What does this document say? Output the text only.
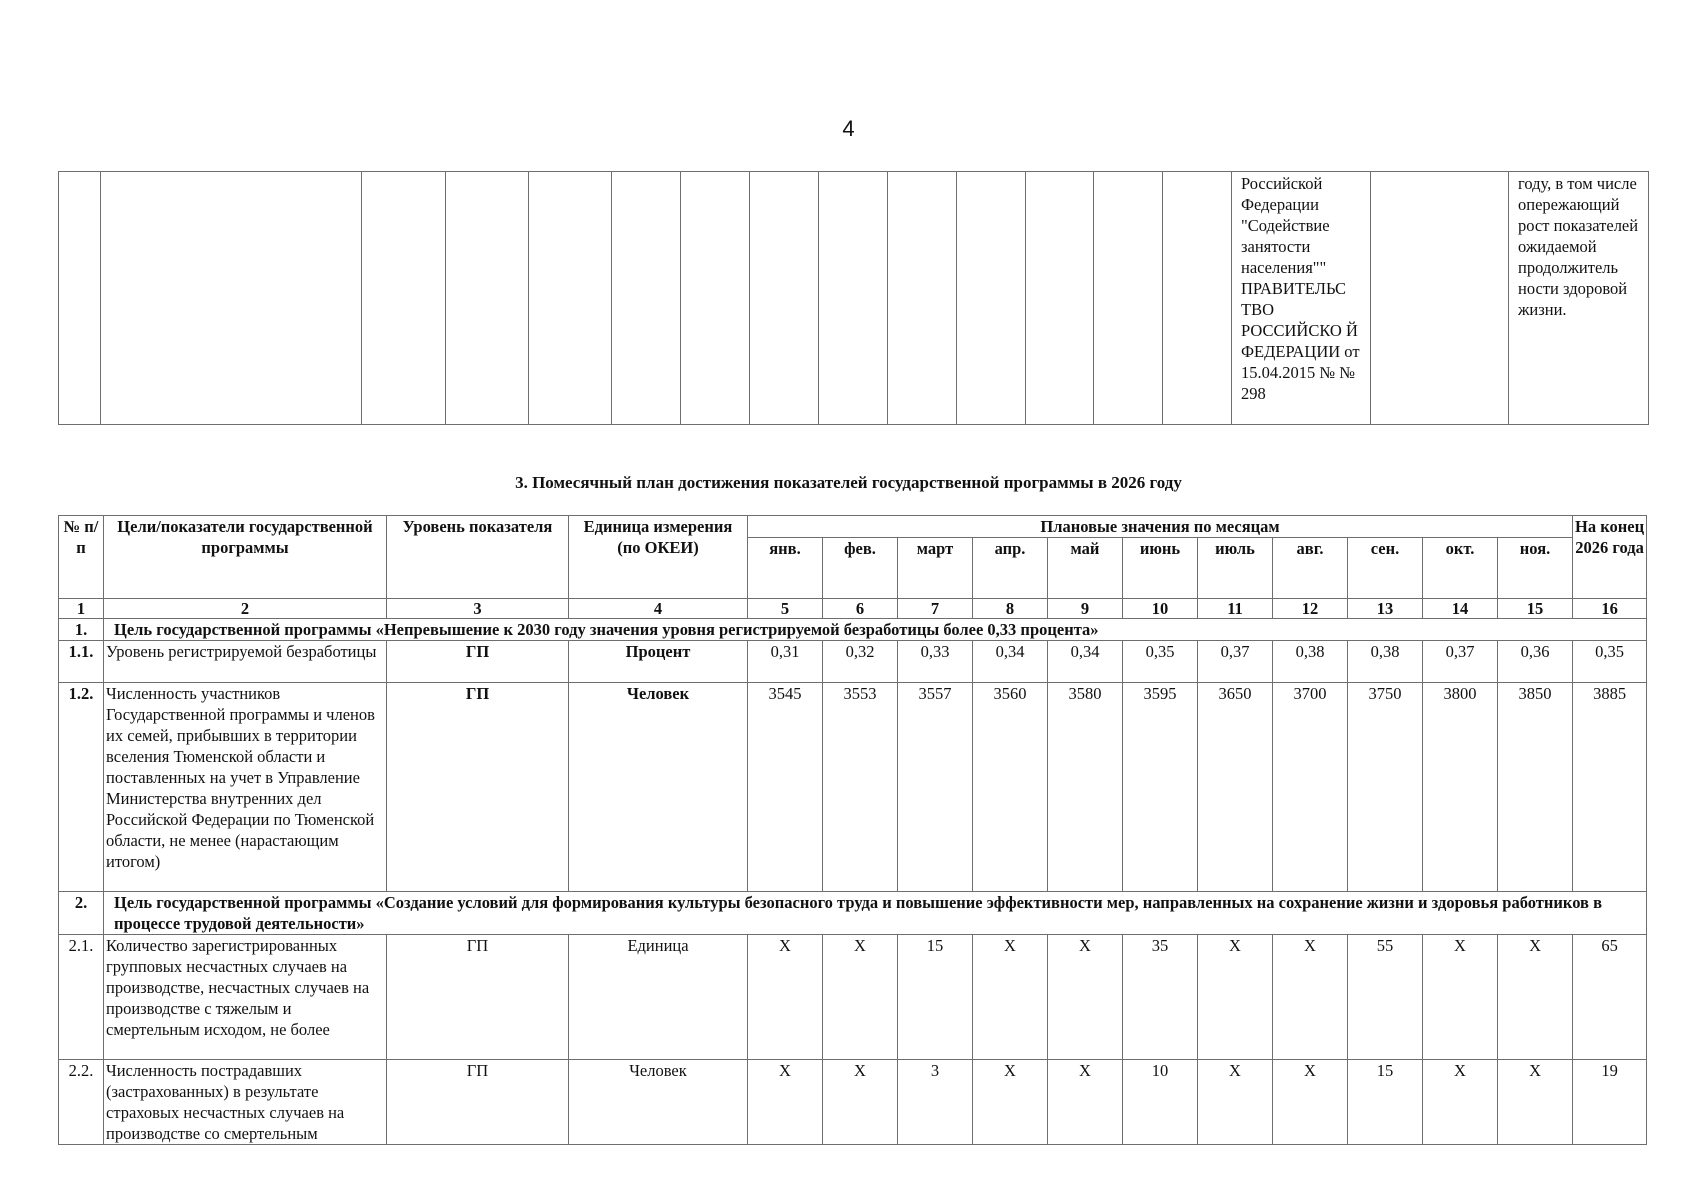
4
														Российской Федерации "Содействие занятости населения"" ПРАВИТЕЛЬС ТВО РОССИЙСКО Й ФЕДЕРАЦИИ от 15.04.2015 № № 298		году, в том числе опережающий рост показателей ожидаемой продолжитель ности здоровой жизни.
3. Помесячный план достижения показателей государственной программы в 2026 году
№ п/п	Цели/показатели государственной программы	Уровень показателя	Единица измерения (по ОКЕИ)	Плановые значения по месяцам											На конец 2026 года
				янв.	фев.	март	апр.	май	июнь	июль	авг.	сен.	окт.	ноя.	
1	2	3	4	5	6	7	8	9	10	11	12	13	14	15	16
1.	Цель государственной программы «Непревышение к 2030 году значения уровня регистрируемой безработицы более 0,33 процента»														
1.1.	Уровень регистрируемой безработицы	ГП	Процент	0,31	0,32	0,33	0,34	0,34	0,35	0,37	0,38	0,38	0,37	0,36	0,35
1.2.	Численность участников Государственной программы и членов их семей, прибывших в территории вселения Тюменской области и поставленных на учет в Управление Министерства внутренних дел Российской Федерации по Тюменской области, не менее (нарастающим итогом)	ГП	Человек	3545	3553	3557	3560	3580	3595	3650	3700	3750	3800	3850	3885
2.	Цель государственной программы «Создание условий для формирования культуры безопасного труда и повышение эффективности мер, направленных на сохранение жизни и здоровья работников в процессе трудовой деятельности»														
2.1.	Количество зарегистрированных групповых несчастных случаев на производстве, несчастных случаев на производстве с тяжелым и смертельным исходом, не более	ГП	Единица	Х	Х	15	Х	Х	35	Х	Х	55	Х	Х	65
2.2.	Численность пострадавших (застрахованных) в результате страховых несчастных случаев на производстве со смертельным	ГП	Человек	Х	Х	3	Х	Х	10	Х	Х	15	Х	Х	19
